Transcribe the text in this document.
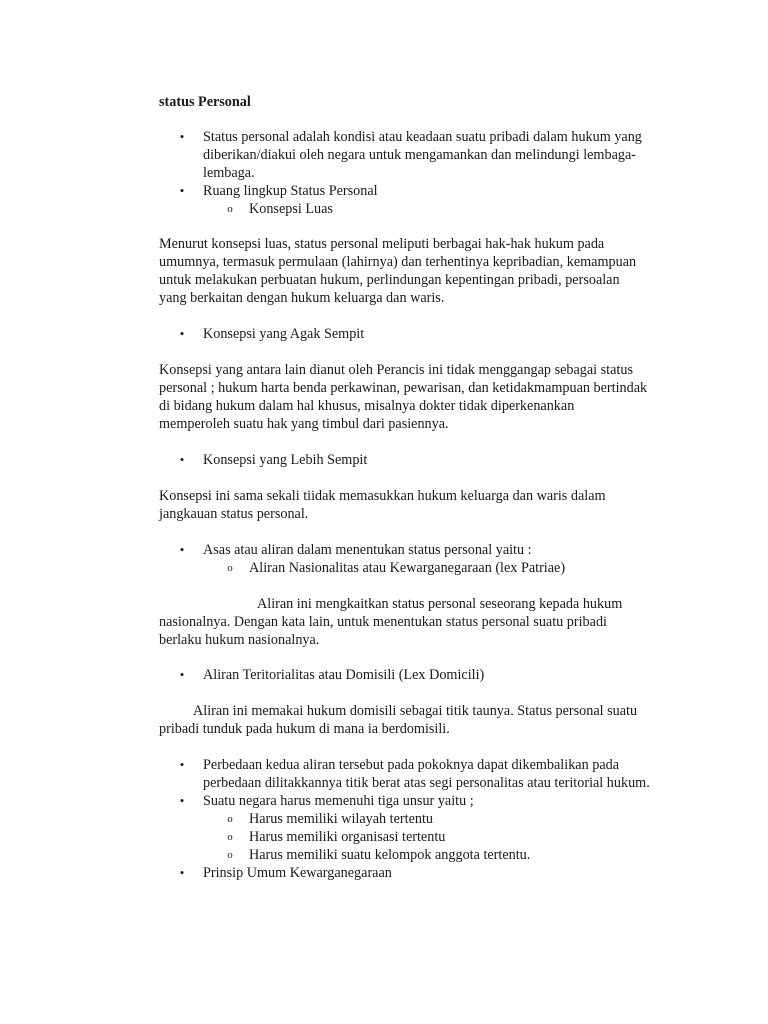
status Personal
• Status personal adalah kondisi atau keadaan suatu pribadi dalam hukum yang
diberikan/diakui oleh negara untuk mengamankan dan melindungi lembaga-
lembaga.
• Ruang lingkup Status Personal
o Konsepsi Luas
Menurut konsepsi luas, status personal meliputi berbagai hak-hak hukum pada
umumnya, termasuk permulaan (lahirnya) dan terhentinya kepribadian, kemampuan
untuk melakukan perbuatan hukum, perlindungan kepentingan pribadi, persoalan
yang berkaitan dengan hukum keluarga dan waris.
• Konsepsi yang Agak Sempit
Konsepsi yang antara lain dianut oleh Perancis ini tidak menggangap sebagai status
personal ; hukum harta benda perkawinan, pewarisan, dan ketidakmampuan bertindak
di bidang hukum dalam hal khusus, misalnya dokter tidak diperkenankan
memperoleh suatu hak yang timbul dari pasiennya.
• Konsepsi yang Lebih Sempit
Konsepsi ini sama sekali tiidak memasukkan hukum keluarga dan waris dalam
jangkauan status personal.
• Asas atau aliran dalam menentukan status personal yaitu :
o Aliran Nasionalitas atau Kewarganegaraan (lex Patriae)
Aliran ini mengkaitkan status personal seseorang kepada hukum
nasionalnya. Dengan kata lain, untuk menentukan status personal suatu pribadi
berlaku hukum nasionalnya.
• Aliran Teritorialitas atau Domisili (Lex Domicili)
Aliran ini memakai hukum domisili sebagai titik taunya. Status personal suatu
pribadi tunduk pada hukum di mana ia berdomisili.
• Perbedaan kedua aliran tersebut pada pokoknya dapat dikembalikan pada
perbedaan dilitakkannya titik berat atas segi personalitas atau teritorial hukum.
• Suatu negara harus memenuhi tiga unsur yaitu ;
o Harus memiliki wilayah tertentu
o Harus memiliki organisasi tertentu
o Harus memiliki suatu kelompok anggota tertentu.
• Prinsip Umum Kewarganegaraan
